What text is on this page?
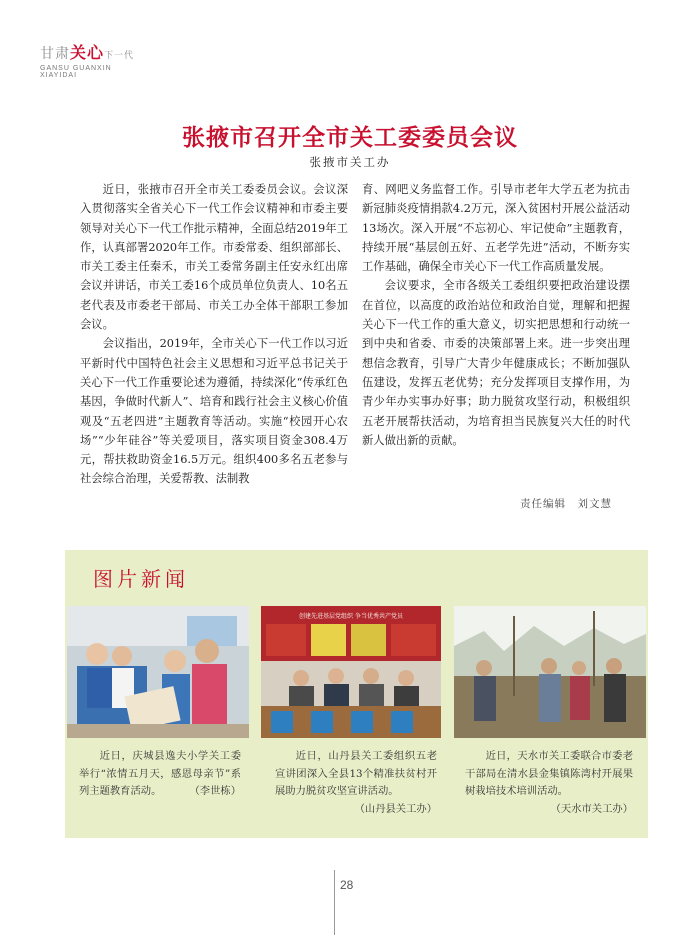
甘肃关心下一代
GANSU GUANXIN
XIAYIDAI
张掖市召开全市关工委委员会议
张掖市关工办

近日，张掖市召开全市关工委委员会议。会议深入贯彻落实全省关心下一代工作会议精神和市委主要领导对关心下一代工作批示精神，全面总结2019年工作，认真部署2020年工作。市委常委、组织部部长、市关工委主任秦禾，市关工委常务副主任安永红出席会议并讲话，市关工委16个成员单位负责人、10名五老代表及市委老干部局、市关工办全体干部职工参加会议。

会议指出，2019年，全市关心下一代工作以习近平新时代中国特色社会主义思想和习近平总书记关于关心下一代工作重要论述为遵循，持续深化“传承红色基因，争做时代新人”、培育和践行社会主义核心价值观及“五老四进”主题教育等活动。实施“校园开心农场”“少年硅谷”等关爱项目，落实项目资金308.4万元，帮扶救助资金16.5万元。组织400多名五老参与社会综合治理，关爱帮教、法制教

育、网吧义务监督工作。引导市老年大学五老为抗击新冠肺炎疫情捐款4.2万元，深入贫困村开展公益活动13场次。深入开展“不忘初心、牢记使命”主题教育，持续开展“基层创五好、五老学先进”活动，不断夯实工作基础，确保全市关心下一代工作高质量发展。

会议要求，全市各级关工委组织要把政治建设摆在首位，以高度的政治站位和政治自觉，理解和把握关心下一代工作的重大意义，切实把思想和行动统一到中央和省委、市委的决策部署上来。进一步突出理想信念教育，引导广大青少年健康成长；不断加强队伍建设，发挥五老优势；充分发挥项目支撑作用，为青少年办实事办好事；助力脱贫攻坚行动，积极组织五老开展帮扶活动，为培育担当民族复兴大任的时代新人做出新的贡献。

责任编辑　刘文慧
图片新闻
创建先进基层党组织 争当优秀共产党员

近日，庆城县逸夫小学关工委举行“浓情五月天，感恩母亲节”系列主题教育活动。	（李世栋）

近日，山丹县关工委组织五老宣讲团深入全县13个精准扶贫村开展助力脱贫攻坚宣讲活动。

（山丹县关工办）

近日，天水市关工委联合市委老干部局在清水县金集镇陈湾村开展果树栽培技术培训活动。

（天水市关工办）

28
